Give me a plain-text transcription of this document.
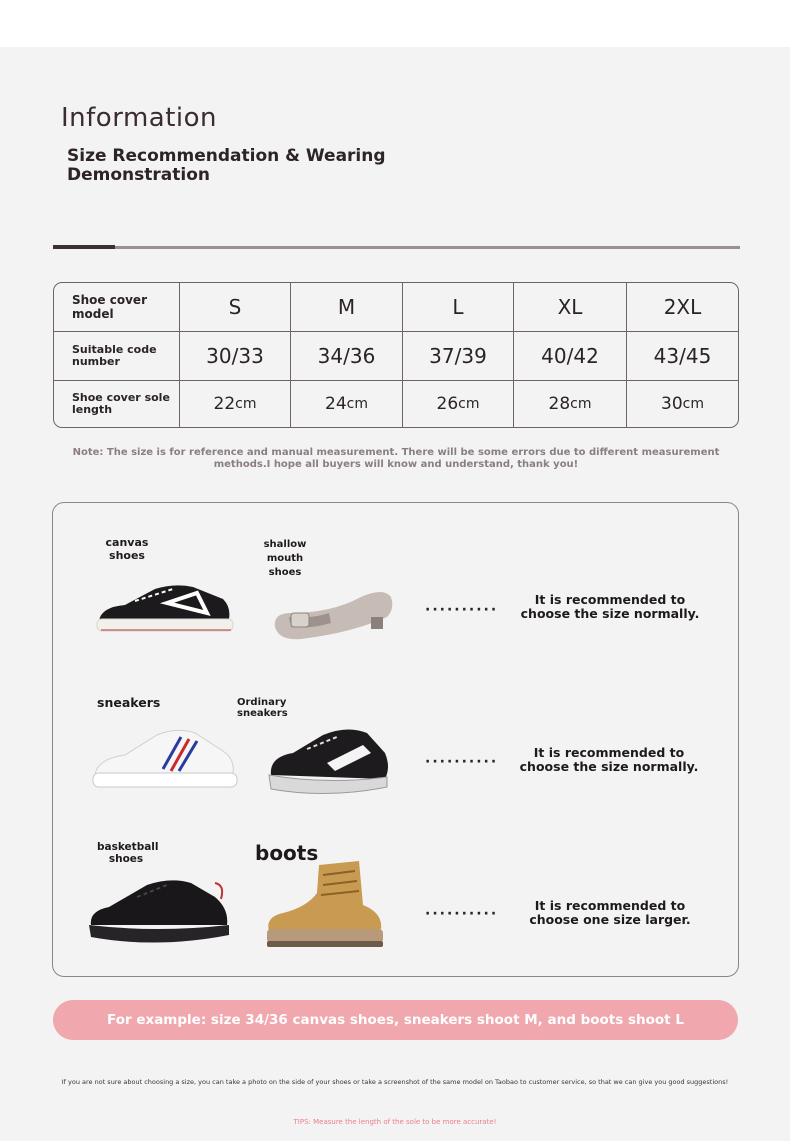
Information
Size Recommendation & Wearing Demonstration
Shoe cover model	S	M	L	XL	2XL
Suitable code number	30/33	34/36	37/39	40/42	43/45
Shoe cover sole length	22 cm	24 cm	26 cm	28 cm	30 cm
Note: The size is for reference and manual measurement. There will be some errors due to different measurement methods.I hope all buyers will know and understand, thank you!
canvas shoes
shallow mouth shoes
··········
It is recommended to choose the size normally.
sneakers	Ordinary sneakers
··········
It is recommended to choose the size normally.
basketball shoes	boots
··········
It is recommended to choose one size larger.
For example: size 34/36 canvas shoes, sneakers shoot M, and boots shoot L
If you are not sure about choosing a size, you can take a photo on the side of your shoes or take a screenshot of the same model on Taobao to customer service, so that we can give you good suggestions!
TIPS: Measure the length of the sole to be more accurate!
